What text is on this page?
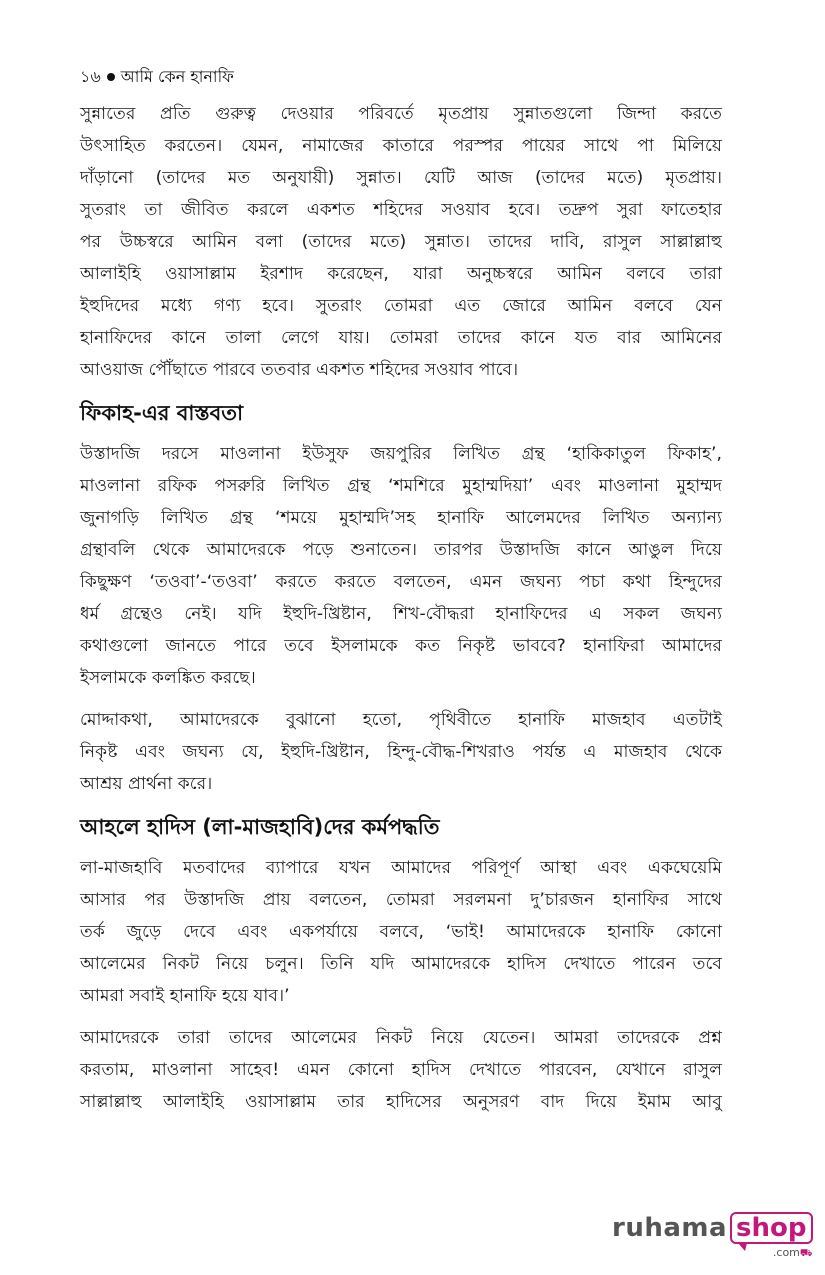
১৬ আমি কেন হানাফি
সুন্নাতের প্রতি গুরুত্ব দেওয়ার পরিবর্তে মৃতপ্রায় সুন্নাতগুলো জিন্দা করতে
উৎসাহিত করতেন। যেমন, নামাজের কাতারে পরস্পর পায়ের সাথে পা মিলিয়ে
দাঁড়ানো (তাদের মত অনুযায়ী) সুন্নাত। যেটি আজ (তাদের মতে) মৃতপ্রায়।
সুতরাং তা জীবিত করলে একশত শহিদের সওয়াব হবে। তদ্রুপ সুরা ফাতেহার
পর উচ্চস্বরে আমিন বলা (তাদের মতে) সুন্নাত। তাদের দাবি, রাসুল সাল্লাল্লাহু
আলাইহি ওয়াসাল্লাম ইরশাদ করেছেন, যারা অনুচ্চস্বরে আমিন বলবে তারা
ইহুদিদের মধ্যে গণ্য হবে। সুতরাং তোমরা এত জোরে আমিন বলবে যেন
হানাফিদের কানে তালা লেগে যায়। তোমরা তাদের কানে যত বার আমিনের
আওয়াজ পৌঁছাতে পারবে ততবার একশত শহিদের সওয়াব পাবে।
ফিকাহ-এর বাস্তবতা
উস্তাদজি দরসে মাওলানা ইউসুফ জয়পুরির লিখিত গ্রন্থ ‘হাকিকাতুল ফিকাহ’,
মাওলানা রফিক পসরুরি লিখিত গ্রন্থ ‘শমশিরে মুহাম্মদিয়া’ এবং মাওলানা মুহাম্মদ
জুনাগড়ি লিখিত গ্রন্থ ‘শময়ে মুহাম্মদি’সহ হানাফি আলেমদের লিখিত অন্যান্য
গ্রন্থাবলি থেকে আমাদেরকে পড়ে শুনাতেন। তারপর উস্তাদজি কানে আঙুল দিয়ে
কিছুক্ষণ ‘তওবা’-‘তওবা’ করতে করতে বলতেন, এমন জঘন্য পচা কথা হিন্দুদের
ধর্ম গ্রন্থেও নেই। যদি ইহুদি-খ্রিষ্টান, শিখ-বৌদ্ধরা হানাফিদের এ সকল জঘন্য
কথাগুলো জানতে পারে তবে ইসলামকে কত নিকৃষ্ট ভাববে? হানাফিরা আমাদের
ইসলামকে কলঙ্কিত করছে।
মোদ্দাকথা, আমাদেরকে বুঝানো হতো, পৃথিবীতে হানাফি মাজহাব এতটাই
নিকৃষ্ট এবং জঘন্য যে, ইহুদি-খ্রিষ্টান, হিন্দু-বৌদ্ধ-শিখরাও পর্যন্ত এ মাজহাব থেকে
আশ্রয় প্রার্থনা করে।
আহলে হাদিস (লা-মাজহাবি)দের কর্মপদ্ধতি
লা-মাজহাবি মতবাদের ব্যাপারে যখন আমাদের পরিপূর্ণ আস্থা এবং একঘেয়েমি
আসার পর উস্তাদজি প্রায় বলতেন, তোমরা সরলমনা দু’চারজন হানাফির সাথে
তর্ক জুড়ে দেবে এবং একপর্যায়ে বলবে, ‘ভাই! আমাদেরকে হানাফি কোনো
আলেমের নিকট নিয়ে চলুন। তিনি যদি আমাদেরকে হাদিস দেখাতে পারেন তবে
আমরা সবাই হানাফি হয়ে যাব।’
আমাদেরকে তারা তাদের আলেমের নিকট নিয়ে যেতেন। আমরা তাদেরকে প্রশ্ন
করতাম, মাওলানা সাহেব! এমন কোনো হাদিস দেখাতে পারবেন, যেখানে রাসুল
সাল্লাল্লাহু আলাইহি ওয়াসাল্লাম তার হাদিসের অনুসরণ বাদ দিয়ে ইমাম আবু
ruhama shop
.com⛟
